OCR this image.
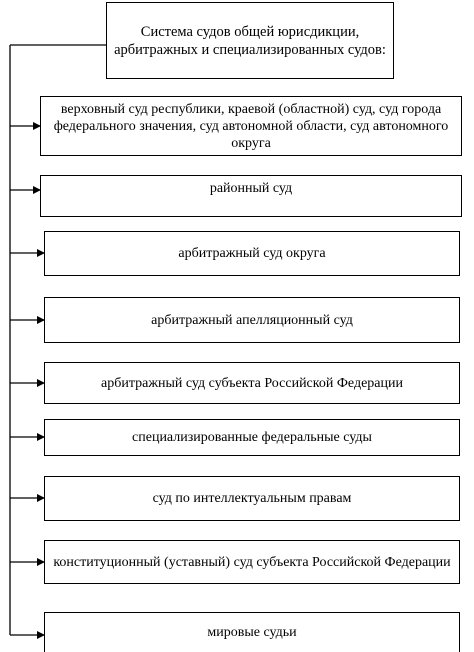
Система судов общей юрисдикции, арбитражных и специализированных судов:
верховный суд республики, краевой (областной) суд, суд города федерального значения, суд автономной области, суд автономного округа
районный суд
арбитражный суд округа
арбитражный апелляционный суд
арбитражный суд субъекта Российской Федерации
специализированные федеральные суды
суд по интеллектуальным правам
конституционный (уставный) суд субъекта Российской Федерации
мировые судьи
